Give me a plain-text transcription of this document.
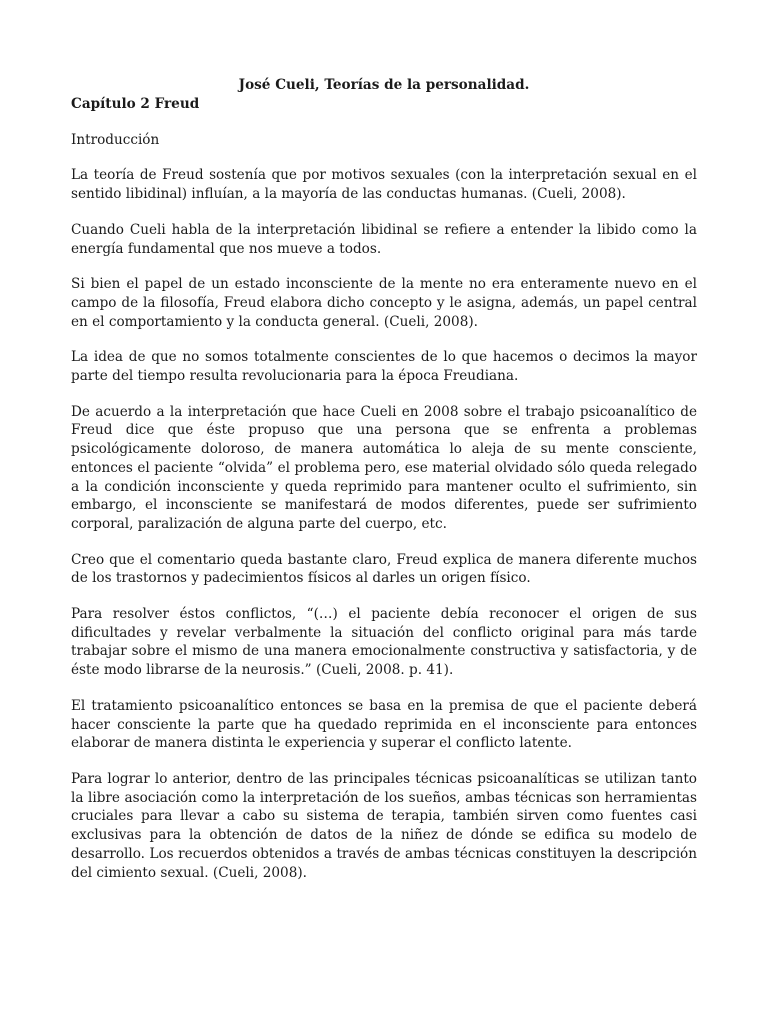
José Cueli, Teorías de la personalidad.

Capítulo 2 Freud

Introducción

La teoría de Freud sostenía que por motivos sexuales (con la interpretación sexual en el sentido libidinal) influían, a la mayoría de las conductas humanas. (Cueli, 2008).

Cuando Cueli habla de la interpretación libidinal se refiere a entender la libido como la energía fundamental que nos mueve a todos.

Si bien el papel de un estado inconsciente de la mente no era enteramente nuevo en el campo de la filosofía, Freud elabora dicho concepto y le asigna, además, un papel central en el comportamiento y la conducta general. (Cueli, 2008).

La idea de que no somos totalmente conscientes de lo que hacemos o decimos la mayor parte del tiempo resulta revolucionaria para la época Freudiana.

De acuerdo a la interpretación que hace Cueli en 2008 sobre el trabajo psicoanalítico de Freud dice que éste propuso que una persona que se enfrenta a problemas psicológicamente doloroso, de manera automática lo aleja de su mente consciente, entonces el paciente “olvida” el problema pero, ese material olvidado sólo queda relegado a la condición inconsciente y queda reprimido para mantener oculto el sufrimiento, sin embargo, el inconsciente se manifestará de modos diferentes, puede ser sufrimiento corporal, paralización de alguna parte del cuerpo, etc.

Creo que el comentario queda bastante claro, Freud explica de manera diferente muchos de los trastornos y padecimientos físicos al darles un origen físico.

Para resolver éstos conflictos, “(…) el paciente debía reconocer el origen de sus dificultades y revelar verbalmente la situación del conflicto original para más tarde trabajar sobre el mismo de una manera emocionalmente constructiva y satisfactoria, y de éste modo librarse de la neurosis.” (Cueli, 2008. p. 41).

El tratamiento psicoanalítico entonces se basa en la premisa de que el paciente deberá hacer consciente la parte que ha quedado reprimida en el inconsciente para entonces elaborar de manera distinta le experiencia y superar el conflicto latente.

Para lograr lo anterior, dentro de las principales técnicas psicoanalíticas se utilizan tanto la libre asociación como la interpretación de los sueños, ambas técnicas son herramientas cruciales para llevar a cabo su sistema de terapia, también sirven como fuentes casi exclusivas para la obtención de datos de la niñez de dónde se edifica su modelo de desarrollo. Los recuerdos obtenidos a través de ambas técnicas constituyen la descripción del cimiento sexual. (Cueli, 2008).
